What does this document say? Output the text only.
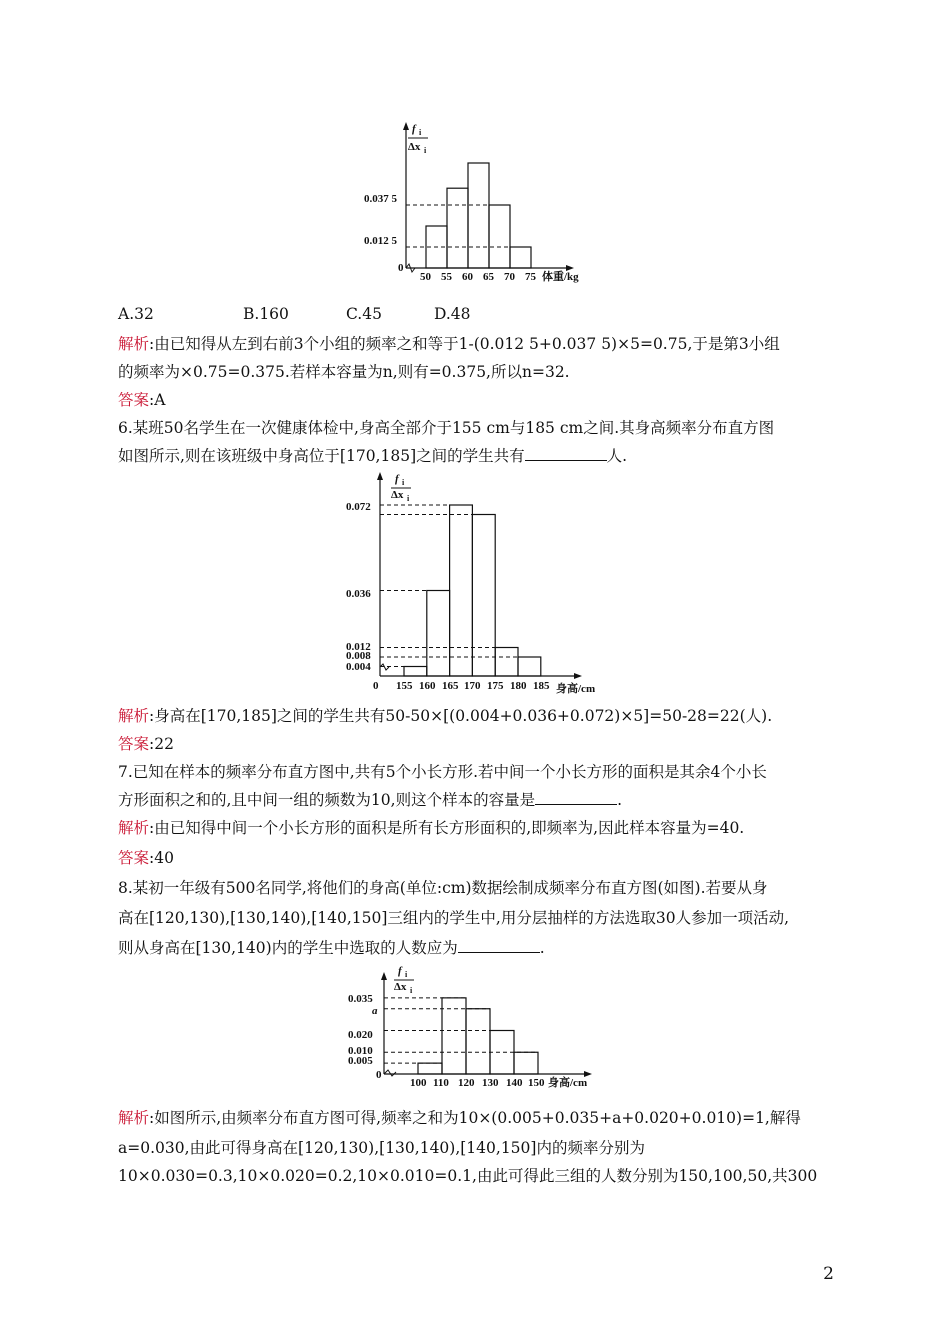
f i
Δx i
0.037 5
0.012 5
0
50 55 60 65 70 75 体重/kg
A.32	B.160	C.45	D.48
解析:由已知得从左到右前3个小组的频率之和等于1-(0.012 5+0.037 5)×5=0.75,于是第3小组
的频率为×0.75=0.375.若样本容量为n,则有=0.375,所以n=32.
答案:A
6.某班50名学生在一次健康体检中,身高全部介于155 cm与185 cm之间.其身高频率分布直方图
如图所示,则在该班级中身高位于[170,185]之间的学生共有	人.
f i
Δx i
0.072
0.036
0.012
0.008
0.004
0 155 160 165 170 175 180 185 身高/cm
解析:身高在[170,185]之间的学生共有50-50×[(0.004+0.036+0.072)×5]=50-28=22(人).
答案:22
7.已知在样本的频率分布直方图中,共有5个小长方形.若中间一个小长方形的面积是其余4个小长
方形面积之和的,且中间一组的频数为10,则这个样本的容量是	.
解析:由已知得中间一个小长方形的面积是所有长方形面积的,即频率为,因此样本容量为=40.
答案:40
8.某初一年级有500名同学,将他们的身高(单位:cm)数据绘制成频率分布直方图(如图).若要从身
高在[120,130),[130,140),[140,150]三组内的学生中,用分层抽样的方法选取30人参加一项活动,
则从身高在[130,140)内的学生中选取的人数应为	.
f i
Δx i
0.035
a
0.020
0.010
0.005
0
100 110 120 130 140 150 身高/cm
解析:如图所示,由频率分布直方图可得,频率之和为10×(0.005+0.035+a+0.020+0.010)=1,解得
a=0.030,由此可得身高在[120,130),[130,140),[140,150]内的频率分别为
10×0.030=0.3,10×0.020=0.2,10×0.010=0.1,由此可得此三组的人数分别为150,100,50,共300
2
